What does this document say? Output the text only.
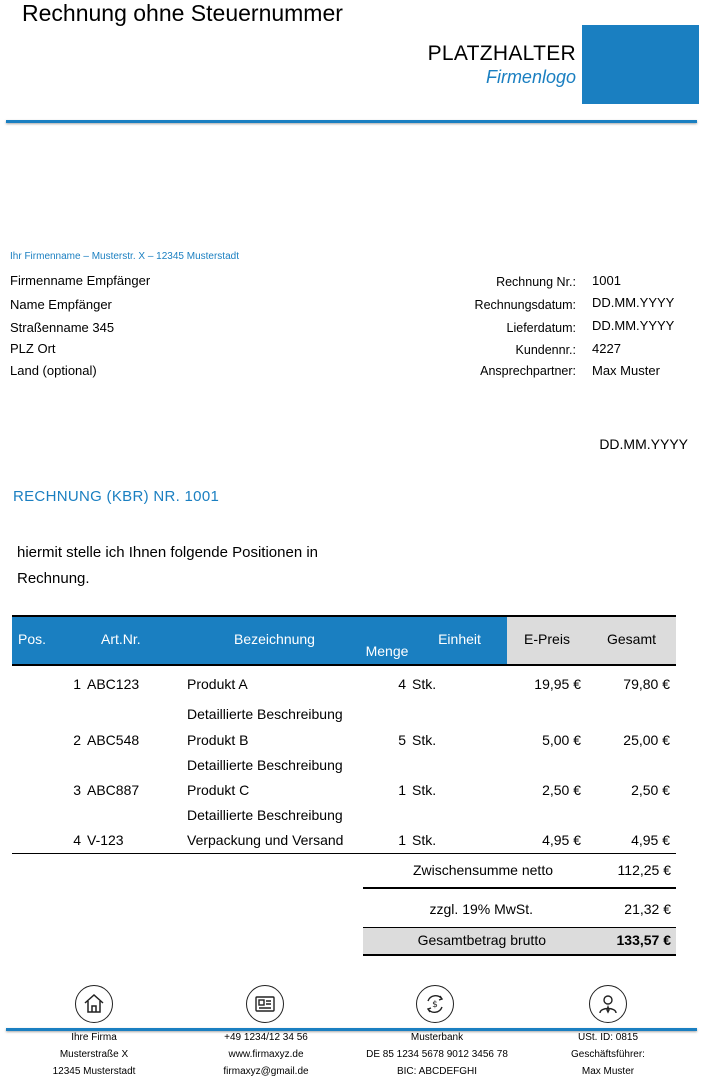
Rechnung ohne Steuernummer
PLATZHALTER
Firmenlogo
Ihr Firmenname – Musterstr. X – 12345 Musterstadt
Firmenname Empfänger
Name Empfänger
Straßenname 345
PLZ Ort
Land (optional)
Rechnung Nr.: 1001
Rechnungsdatum: DD.MM.YYYY
Lieferdatum: DD.MM.YYYY
Kundennr.: 4227
Ansprechpartner: Max Muster
DD.MM.YYYY
RECHNUNG (KBR) NR. 1001
hiermit stelle ich Ihnen folgende Positionen in Rechnung.
Pos.	Art.Nr.	Bezeichnung	Menge	Einheit	E-Preis	Gesamt
1	ABC123	Produkt A	4	Stk.	19,95 €	79,80 €
		Detaillierte Beschreibung				
2	ABC548	Produkt B	5	Stk.	5,00 €	25,00 €
		Detaillierte Beschreibung				
3	ABC887	Produkt C	1	Stk.	2,50 €	2,50 €
		Detaillierte Beschreibung				
4	V-123	Verpackung und Versand	1	Stk.	4,95 €	4,95 €
Zwischensumme netto	112,25 €
zzgl. 19% MwSt.	21,32 €
Gesamtbetrag brutto	133,57 €
$
Ihre Firma
Musterstraße X
12345 Musterstadt
+49 1234/12 34 56
www.firmaxyz.de
firmaxyz@gmail.de
Musterbank
DE 85 1234 5678 9012 3456 78
BIC: ABCDEFGHI
USt. ID: 0815
Geschäftsführer:
Max Muster
